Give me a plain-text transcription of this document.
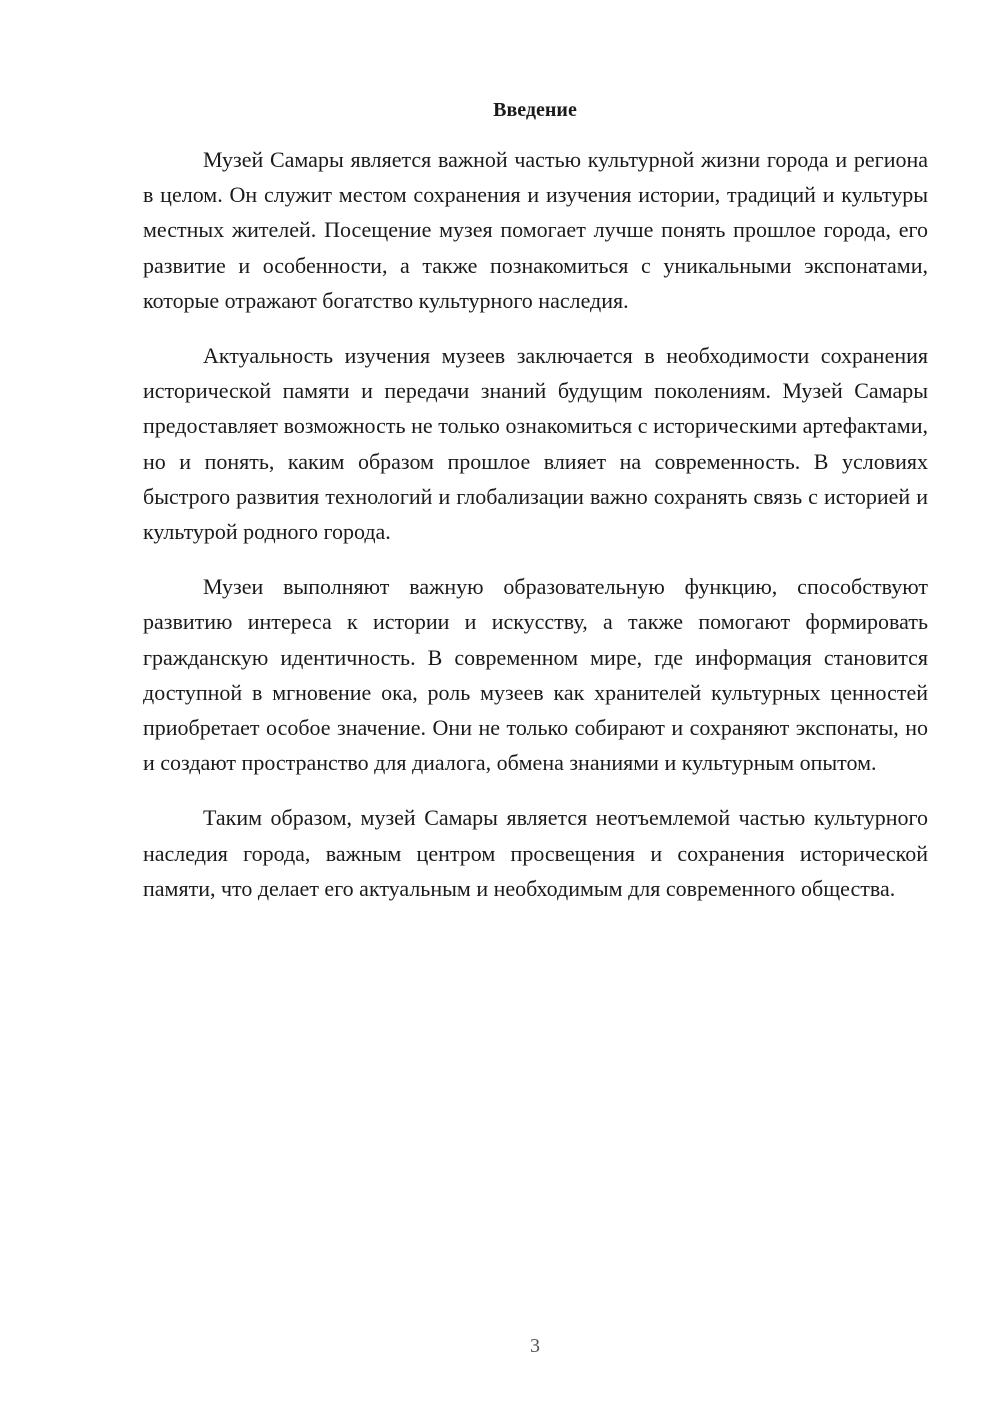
Введение

Музей Самары является важной частью культурной жизни города и региона в целом. Он служит местом сохранения и изучения истории, традиций и культуры местных жителей. Посещение музея помогает лучше понять прошлое города, его развитие и особенности, а также познакомиться с уникальными экспонатами, которые отражают богатство культурного наследия.

Актуальность изучения музеев заключается в необходимости сохранения исторической памяти и передачи знаний будущим поколениям. Музей Самары предоставляет возможность не только ознакомиться с историческими артефактами, но и понять, каким образом прошлое влияет на современность. В условиях быстрого развития технологий и глобализации важно сохранять связь с историей и культурой родного города.

Музеи выполняют важную образовательную функцию, способствуют развитию интереса к истории и искусству, а также помогают формировать гражданскую идентичность. В современном мире, где информация становится доступной в мгновение ока, роль музеев как хранителей культурных ценностей приобретает особое значение. Они не только собирают и сохраняют экспонаты, но и создают пространство для диалога, обмена знаниями и культурным опытом.

Таким образом, музей Самары является неотъемлемой частью культурного наследия города, важным центром просвещения и сохранения исторической памяти, что делает его актуальным и необходимым для современного общества.

3
